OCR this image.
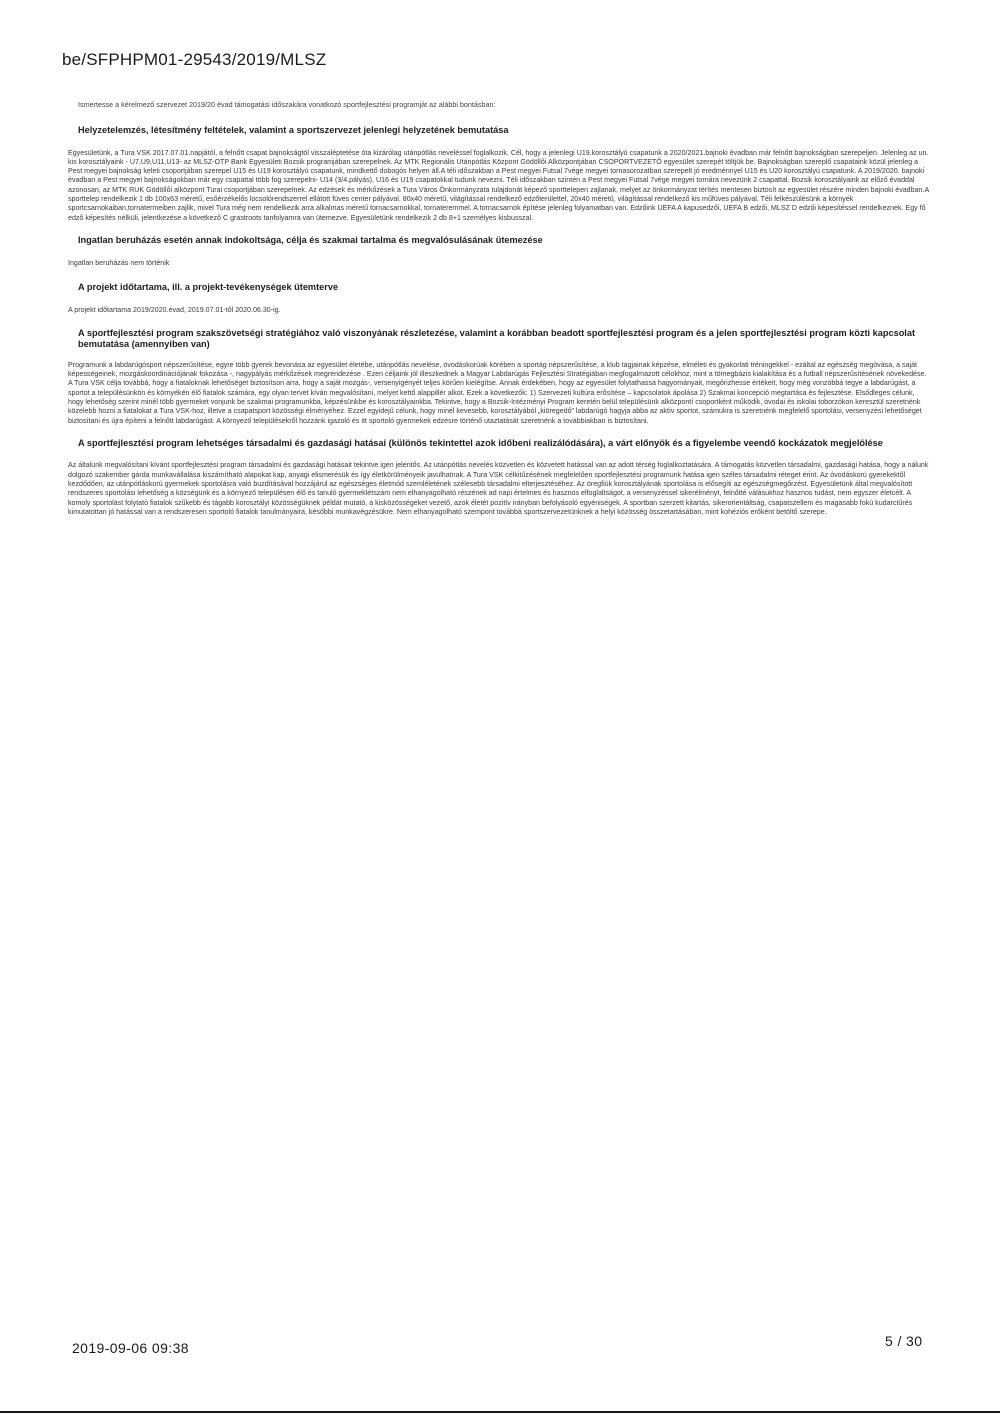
be/SFPHPM01-29543/2019/MLSZ

Ismertesse a kérelmező szervezet 2019/20 évad támogatási időszakára vonatkozó sportfejlesztési programját az alábbi bontásban:

Helyzetelemzés, létesítmény feltételek, valamint a sportszervezet jelenlegi helyzetének bemutatása

Egyesületünk, a Tura VSK 2017.07.01.napjától, a felnőtt csapat bajnokságtól visszaléptetése óta kizárólag utánpótlás neveléssel foglalkozik. Cél, hogy a jelenlegi U19.korosztályú csapatunk a 2020/2021.bajnoki évadban már felnőtt bajnokságban szerepeljen. Jelenleg az un. kis korosztályaink - U7,U9,U11,U13- az MLSZ-OTP Bank Egyesületi Bozsik programjában szerepelnek. Az MTK Regionális Utánpótlás Központ Gödöllői Alközpontjában CSOPORTVEZETŐ egyesület szerepét töltjük be. Bajnokságban szereplő csapataink közül jelenleg a Pest megyei bajnokság keleti csoportjában szerepel U15 és U19 korosztályú csapatunk, mindkettő dobogós helyen áll.A téli időszakban a Pest megyei Futsal 7vége megyei tornasorozatban szerepelt jó eredménnyel U15 és U20 korosztályú csapatunk. A 2019/2020. bajnoki évadban a Pest megyei bajnokságokban már egy csapattal több fog szerepelni- U14 (3/4.pályás), U16 és U19 csapatokkal tudunk nevezni. Téli időszakban szintén a Pest megyei Futsal 7vége megyei tornára nevezünk 2 csapattal. Bozsik korosztályaink az előző évaddal azonosan, az MTK RUK Gödöllői alközpont Turai csoportjában szerepelnek. Az edzések és mérkőzések a Tura Város Önkormányzata tulajdonát képező sporttelepen zajlanak, melyet az önkormányzat térítés mentesen biztosít az egyesület részére minden bajnoki évadban.A sporttelep rendelkezik 1 db 100x63 méretű, esőérzékelős locsolórendszerrel ellátott füves center pályával. 80x40 méretű, világítással rendelkező edzőterülettel, 20x40 méretű, világítással rendelkező kis műfüves pályával. Téli felkészülésünk a környék sportcsarnokaiban,tornatermeiben zajlik, mivel Tura még nem rendelkezik arra alkalmas méretű tornacsarnokkal, tornateremmel. A tornacsarnok építése jelenleg folyamatban van. Edzőink UEFA A kapusedzői, UEFA B edzői, MLSZ D edzői képesítéssel rendelkeznek. Egy fő edző képesítés nélküli, jelentkezése a következő C grastroots tanfolyamra van ütemezve. Egyesületünk rendelkezik 2 db 8+1 személyes kisbusszal.

Ingatlan beruházás esetén annak indokoltsága, célja és szakmai tartalma és megvalósulásának ütemezése

Ingatlan beruházás nem történik

A projekt időtartama, ill. a projekt-tevékenységek ütemterve

A projekt időtartama 2019/2020.évad, 2019.07.01-től 2020.06.30-ig.

A sportfejlesztési program szakszövetségi stratégiához való viszonyának részletezése, valamint a korábban beadott sportfejlesztési program és a jelen sportfejlesztési program közti kapcsolat bemutatása (amennyiben van)

Programunk a labdarúgósport népszerűsítése, egyre több gyerek bevonása az egyesület életébe, utánpótlás nevelése, óvodáskorúak körében a sportág népszerűsítése, a klub tagjainak képzése, elméleti és gyakorlati tréningekkel - ezáltal az egészség megóvása, a saját képességeinek, mozgáskoordinációjának fokozása -, nagypályás mérkőzések megrendezése . Ezen céljaink jól illeszkednek a Magyar Labdarúgás Fejlesztési Stratégiában megfogalmazott célokhoz, mint a tömegbázis kialakítása és a futball népszerűsítésének növekedése. A Tura VSK célja továbbá, hogy a fiataloknak lehetőséget biztosítson arra, hogy a saját mozgás-, versenyigényét teljes körűen kielégítse. Annak érdekében, hogy az egyesület folytathassa hagyományait, megőrizhesse értékeit, hogy még vonzóbbá tegye a labdarúgást, a sportot a településünkön és környékén élő fiatalok számára, egy olyan tervet kíván megvalósítani, melyet kettő alappillér alkot. Ezek a következők: 1) Szervezeti kultúra erősítése – kapcsolatok ápolása 2) Szakmai koncepció megtartása és fejlesztése. Elsődleges célunk, hogy lehetőség szerint minél több gyermeket vonjunk be szakmai programunkba, képzésünkbe és korosztályainkba. Tekintve, hogy a Bozsik-Intézményi Program keretén belül településünk alközpontí csoportként működik, óvodai és iskolai toborzókon keresztül szeretnénk közelebb hozni a fiatalokat a Tura VSK-hoz, illetve a csapatsport közösségi élményéhez. Ezzel egyidejű célunk, hogy minél kevesebb, korosztályából „kiöregedő” labdarúgó hagyja abba az aktív sportot, számukra is szeretnénk megfelelő sportolási, versenyzési lehetőséget biztosítani és újra építeni a felnőtt labdarúgást. A környező településekről hozzánk igazoló és itt sportoló gyermekek edzésre történő utaztatását szeretnénk a továbbiakban is biztosítani.

A sportfejlesztési program lehetséges társadalmi és gazdasági hatásai (különös tekintettel azok időbeni realizálódására), a várt előnyök és a figyelembe veendő kockázatok megjelölése

Az általunk megvalósítani kívánt sportfejlesztési program társadalmi és gazdasági hatásait tekintve igen jelentős. Az utánpótlás nevelés közvetlen és közvetett hatással van az adott térség foglalkoztatására. A támogatás közvetlen társadalmi, gazdasági hatása, hogy a nálunk dolgozó szakember gárda munkavállalása kiszámítható alapokat kap, anyagi elismerésük és így életkörülményeik javulhatnak. A Tura VSK célkitűzésének megfelelően sportfejlesztési programunk hatása igen széles társadalmi réteget érint. Az óvodáskorú gyerekektől kezdődően, az utánpótláskorú gyermekek sportolásra való buzdításával hozzájárul az egészséges életmód szemléletének szélesebb társadalmi elterjesztéséhez. Az öregfiúk korosztályának sportolása is elősegíti az egészségmegőrzést. Egyesületünk által megvalósított rendszeres sportolási lehetőség a községünk és a környező településen élő és tanuló gyermeklétszám nem elhanyagolható részének ad napi értelmes és hasznos elfoglaltságot, a versenyzéssel sikerélményt, felnőtté válásukhoz hasznos tudást, nem egyszer életcélt. A komoly sportolást folytató fiatalok szűkebb és tágabb korosztályi közösségüknek példát mutató, a kisközösségeket vezető, azok életét pozitív irányban befolyásoló egyéniségek. A sportban szerzett kitartás, sikerorientáltság, csapatszellem és magasabb fokú kudarctűrés kimutatottan jó hatással van a rendszeresen sportoló fiatalok tanulmányaira, későbbi munkavégzésükre. Nem elhanyagolható szempont továbbá sportszervezetünknek a helyi közösség összetartásában, mint kohéziós erőként betöltő szerepe.

2019-09-06 09:38	5 / 30
